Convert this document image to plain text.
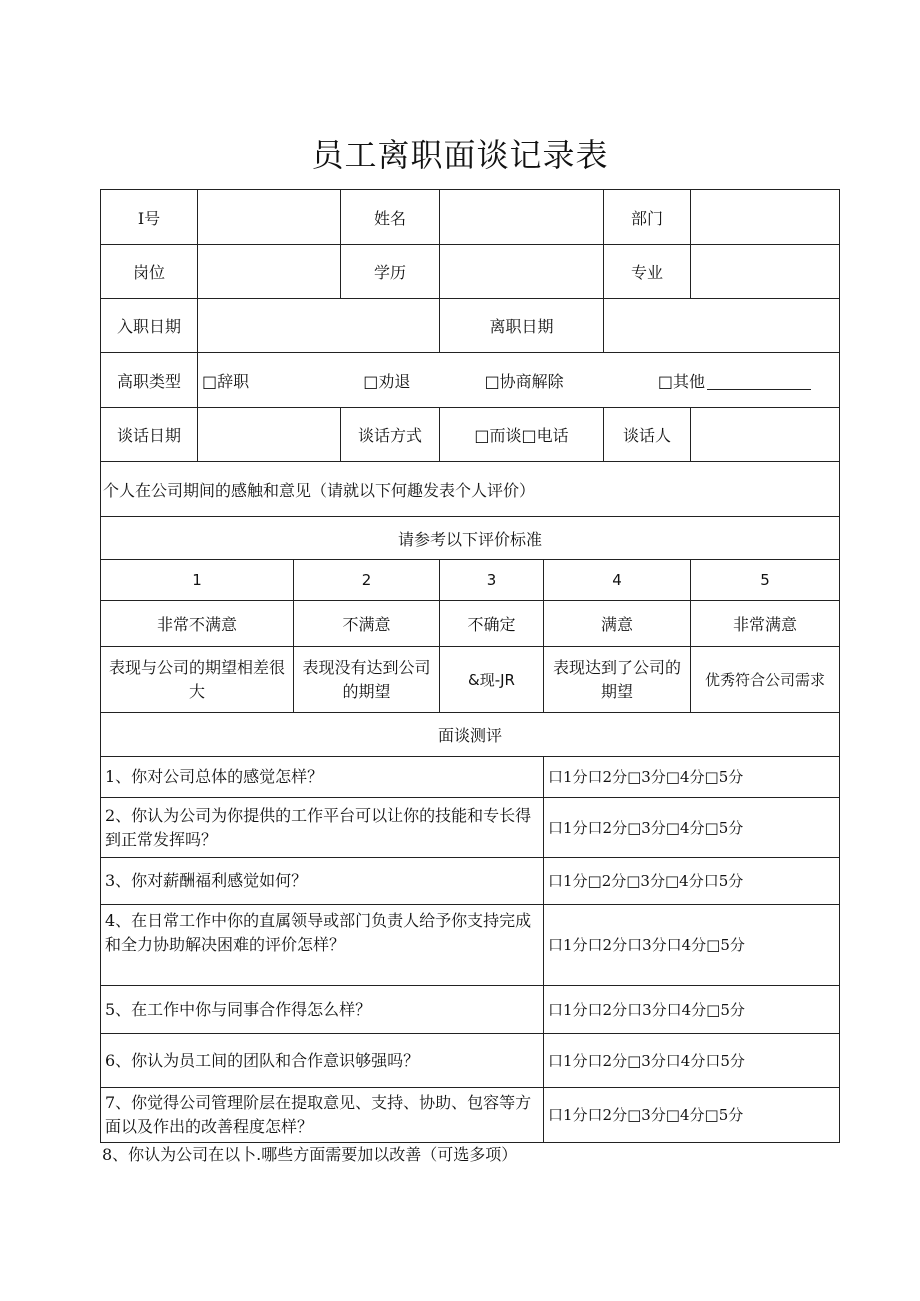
员工离职面谈记录表
I号			姓名			部门	
岗位			学历			专业	
入职日期				离职日期			
高职类型	□辞职 □劝退 □协商解除 □其他						

谈话日期			谈话方式	□而谈□电话		谈话人	
个人在公司期间的感触和意见（请就以下何趣发表个人评价）							
请参考以下评价标准							
1		2		3	4		5
非常不满意		不满意		不确定	满意		非常满意
表现与公司的期望相差很大		表现没有达到公司的期望		&现-JR	表现达到了公司的期望		优秀符合公司需求
面谈测评							
1、你对公司总体的感觉怎样？					口1分口2分□3分□4分□5分		
2、你认为公司为你提供的工作平台可以让你的技能和专长得到正常发挥吗？					口1分口2分□3分□4分□5分		
3、你对薪酬福利感觉如何？					口1分□2分□3分□4分口5分		
4、在日常工作中你的直属领导或部门负责人给予你支持完成和全力协助解决困难的评价怎样？					口1分口2分口3分口4分□5分		
5、在工作中你与同事合作得怎么样？					口1分口2分口3分口4分□5分		
6、你认为员工间的团队和合作意识够强吗？					口1分口2分□3分口4分口5分		
7、你觉得公司管理阶层在提取意见、支持、协助、包容等方面以及作出的改善程度怎样？					口1分口2分□3分□4分□5分		
8、你认为公司在以卜.哪些方面需要加以改善（可选多项）
